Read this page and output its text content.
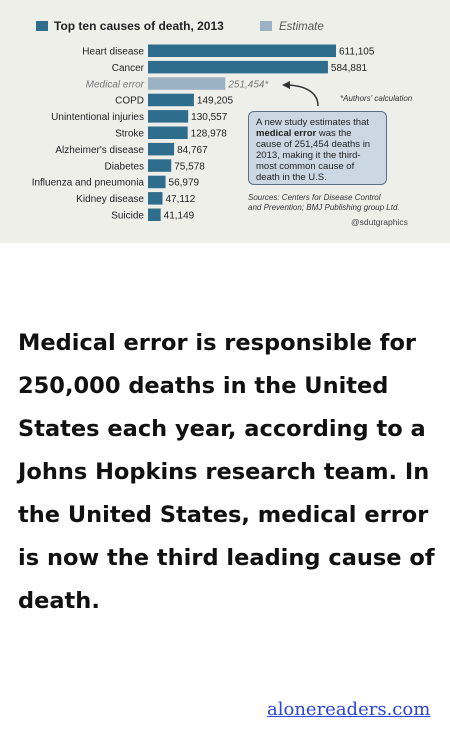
Top ten causes of death, 2013	Estimate
Heart disease	611,105
Cancer	584,881
Medical error	251,454*
COPD	149,205
Unintentional injuries	130,557
Stroke	128,978
Alzheimer's disease	84,767
Diabetes	75,578
Influenza and pneumonia 56,979
Kidney disease 47,112
Suicide 41,149
*Authors' calculation
A new study estimates that medical error was the cause of 251,454 deaths in 2013, making it the third-most common cause of death in the U.S.
Sources: Centers for Disease Control
and Prevention; BMJ Publishing group Ltd.
@sdutgraphics
Medical error is responsible for 250,000 deaths in the United States each year, according to a Johns Hopkins research team. In the United States, medical error is now the third leading cause of death.
alonereaders.com
